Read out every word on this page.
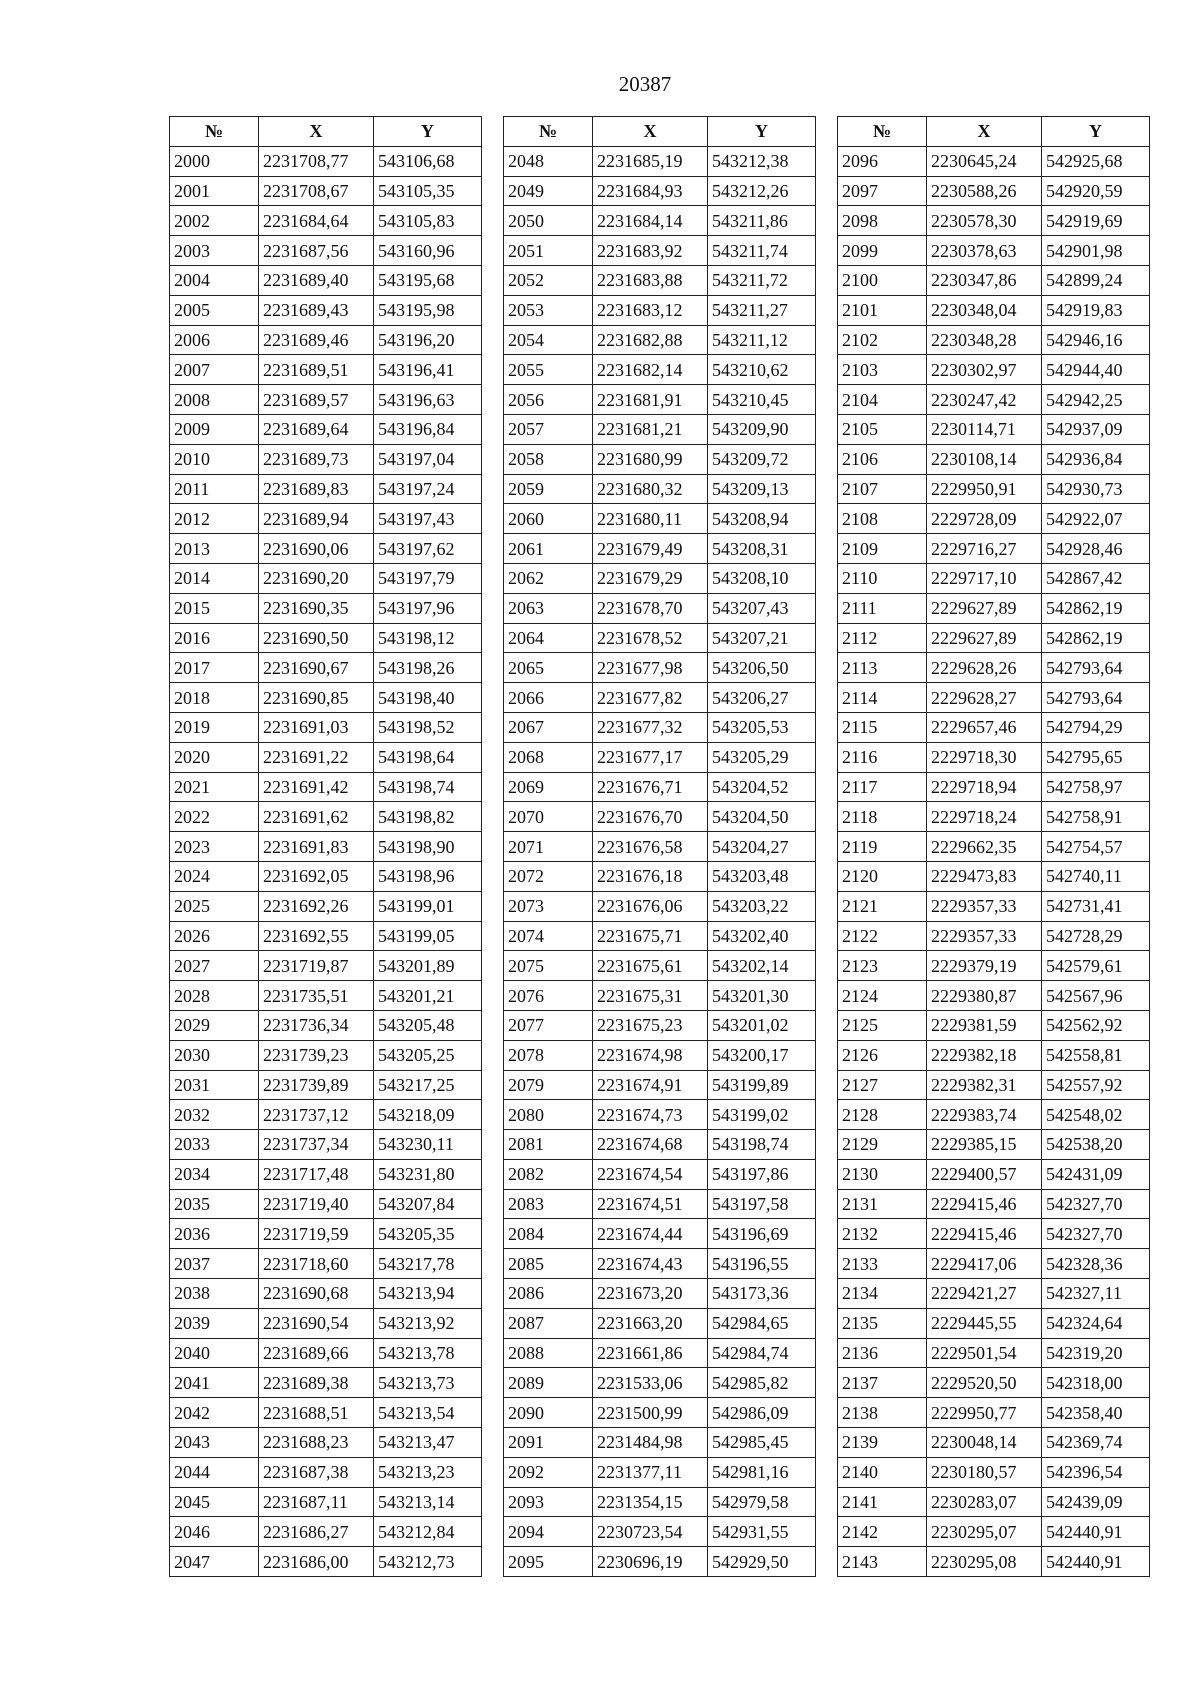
20387
№	X	Y
2000	2231708,77	543106,68
2001	2231708,67	543105,35
2002	2231684,64	543105,83
2003	2231687,56	543160,96
2004	2231689,40	543195,68
2005	2231689,43	543195,98
2006	2231689,46	543196,20
2007	2231689,51	543196,41
2008	2231689,57	543196,63
2009	2231689,64	543196,84
2010	2231689,73	543197,04
2011	2231689,83	543197,24
2012	2231689,94	543197,43
2013	2231690,06	543197,62
2014	2231690,20	543197,79
2015	2231690,35	543197,96
2016	2231690,50	543198,12
2017	2231690,67	543198,26
2018	2231690,85	543198,40
2019	2231691,03	543198,52
2020	2231691,22	543198,64
2021	2231691,42	543198,74
2022	2231691,62	543198,82
2023	2231691,83	543198,90
2024	2231692,05	543198,96
2025	2231692,26	543199,01
2026	2231692,55	543199,05
2027	2231719,87	543201,89
2028	2231735,51	543201,21
2029	2231736,34	543205,48
2030	2231739,23	543205,25
2031	2231739,89	543217,25
2032	2231737,12	543218,09
2033	2231737,34	543230,11
2034	2231717,48	543231,80
2035	2231719,40	543207,84
2036	2231719,59	543205,35
2037	2231718,60	543217,78
2038	2231690,68	543213,94
2039	2231690,54	543213,92
2040	2231689,66	543213,78
2041	2231689,38	543213,73
2042	2231688,51	543213,54
2043	2231688,23	543213,47
2044	2231687,38	543213,23
2045	2231687,11	543213,14
2046	2231686,27	543212,84
2047	2231686,00	543212,73
№	X	Y
2048	2231685,19	543212,38
2049	2231684,93	543212,26
2050	2231684,14	543211,86
2051	2231683,92	543211,74
2052	2231683,88	543211,72
2053	2231683,12	543211,27
2054	2231682,88	543211,12
2055	2231682,14	543210,62
2056	2231681,91	543210,45
2057	2231681,21	543209,90
2058	2231680,99	543209,72
2059	2231680,32	543209,13
2060	2231680,11	543208,94
2061	2231679,49	543208,31
2062	2231679,29	543208,10
2063	2231678,70	543207,43
2064	2231678,52	543207,21
2065	2231677,98	543206,50
2066	2231677,82	543206,27
2067	2231677,32	543205,53
2068	2231677,17	543205,29
2069	2231676,71	543204,52
2070	2231676,70	543204,50
2071	2231676,58	543204,27
2072	2231676,18	543203,48
2073	2231676,06	543203,22
2074	2231675,71	543202,40
2075	2231675,61	543202,14
2076	2231675,31	543201,30
2077	2231675,23	543201,02
2078	2231674,98	543200,17
2079	2231674,91	543199,89
2080	2231674,73	543199,02
2081	2231674,68	543198,74
2082	2231674,54	543197,86
2083	2231674,51	543197,58
2084	2231674,44	543196,69
2085	2231674,43	543196,55
2086	2231673,20	543173,36
2087	2231663,20	542984,65
2088	2231661,86	542984,74
2089	2231533,06	542985,82
2090	2231500,99	542986,09
2091	2231484,98	542985,45
2092	2231377,11	542981,16
2093	2231354,15	542979,58
2094	2230723,54	542931,55
2095	2230696,19	542929,50
№	X	Y
2096	2230645,24	542925,68
2097	2230588,26	542920,59
2098	2230578,30	542919,69
2099	2230378,63	542901,98
2100	2230347,86	542899,24
2101	2230348,04	542919,83
2102	2230348,28	542946,16
2103	2230302,97	542944,40
2104	2230247,42	542942,25
2105	2230114,71	542937,09
2106	2230108,14	542936,84
2107	2229950,91	542930,73
2108	2229728,09	542922,07
2109	2229716,27	542928,46
2110	2229717,10	542867,42
2111	2229627,89	542862,19
2112	2229627,89	542862,19
2113	2229628,26	542793,64
2114	2229628,27	542793,64
2115	2229657,46	542794,29
2116	2229718,30	542795,65
2117	2229718,94	542758,97
2118	2229718,24	542758,91
2119	2229662,35	542754,57
2120	2229473,83	542740,11
2121	2229357,33	542731,41
2122	2229357,33	542728,29
2123	2229379,19	542579,61
2124	2229380,87	542567,96
2125	2229381,59	542562,92
2126	2229382,18	542558,81
2127	2229382,31	542557,92
2128	2229383,74	542548,02
2129	2229385,15	542538,20
2130	2229400,57	542431,09
2131	2229415,46	542327,70
2132	2229415,46	542327,70
2133	2229417,06	542328,36
2134	2229421,27	542327,11
2135	2229445,55	542324,64
2136	2229501,54	542319,20
2137	2229520,50	542318,00
2138	2229950,77	542358,40
2139	2230048,14	542369,74
2140	2230180,57	542396,54
2141	2230283,07	542439,09
2142	2230295,07	542440,91
2143	2230295,08	542440,91
